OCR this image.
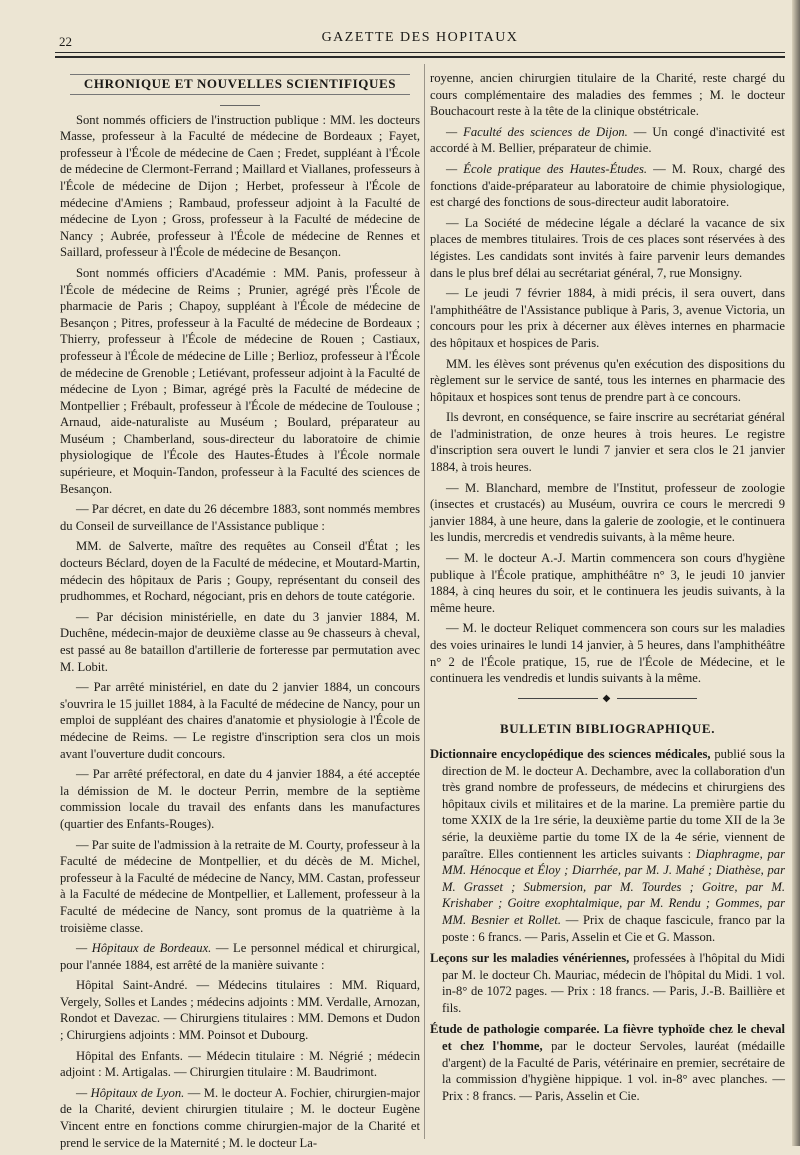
22	GAZETTE DES HOPITAUX
CHRONIQUE ET NOUVELLES SCIENTIFIQUES

Sont nommés officiers de l'instruction publique : MM. les docteurs Masse, professeur à la Faculté de médecine de Bordeaux ; Fayet, professeur à l'École de médecine de Caen ; Fredet, suppléant à l'École de médecine de Clermont-Ferrand ; Maillard et Viallanes, professeurs à l'École de médecine de Dijon ; Herbet, professeur à l'École de médecine d'Amiens ; Rambaud, professeur adjoint à la Faculté de médecine de Lyon ; Gross, professeur à la Faculté de médecine de Nancy ; Aubrée, professeur à l'École de médecine de Rennes et Saillard, professeur à l'École de médecine de Besançon.

Sont nommés officiers d'Académie : MM. Panis, professeur à l'École de médecine de Reims ; Prunier, agrégé près l'École de pharmacie de Paris ; Chapoy, suppléant à l'École de médecine de Besançon ; Pitres, professeur à la Faculté de médecine de Bordeaux ; Thierry, professeur à l'École de médecine de Rouen ; Castiaux, professeur à l'École de médecine de Lille ; Berlioz, professeur à l'École de médecine de Grenoble ; Letiévant, professeur adjoint à la Faculté de médecine de Lyon ; Bimar, agrégé près la Faculté de médecine de Montpellier ; Frébault, professeur à l'École de médecine de Toulouse ; Arnaud, aide-naturaliste au Muséum ; Boulard, préparateur au Muséum ; Chamberland, sous-directeur du laboratoire de chimie physiologique de l'École des Hautes-Études à l'École normale supérieure, et Moquin-Tandon, professeur à la Faculté des sciences de Besançon.

— Par décret, en date du 26 décembre 1883, sont nommés membres du Conseil de surveillance de l'Assistance publique :

MM. de Salverte, maître des requêtes au Conseil d'État ; les docteurs Béclard, doyen de la Faculté de médecine, et Moutard-Martin, médecin des hôpitaux de Paris ; Goupy, représentant du conseil des prudhommes, et Rochard, négociant, pris en dehors de toute catégorie.

— Par décision ministérielle, en date du 3 janvier 1884, M. Duchêne, médecin-major de deuxième classe au 9e chasseurs à cheval, est passé au 8e bataillon d'artillerie de forteresse par permutation avec M. Lobit.

— Par arrêté ministériel, en date du 2 janvier 1884, un concours s'ouvrira le 15 juillet 1884, à la Faculté de médecine de Nancy, pour un emploi de suppléant des chaires d'anatomie et physiologie à l'École de médecine de Reims. — Le registre d'inscription sera clos un mois avant l'ouverture dudit concours.

— Par arrêté préfectoral, en date du 4 janvier 1884, a été acceptée la démission de M. le docteur Perrin, membre de la septième commission locale du travail des enfants dans les manufactures (quartier des Enfants-Rouges).

— Par suite de l'admission à la retraite de M. Courty, professeur à la Faculté de médecine de Montpellier, et du décès de M. Michel, professeur à la Faculté de médecine de Nancy, MM. Castan, professeur à la Faculté de médecine de Montpellier, et Lallement, professeur à la Faculté de médecine de Nancy, sont promus de la quatrième à la troisième classe.

— Hôpitaux de Bordeaux. — Le personnel médical et chirurgical, pour l'année 1884, est arrêté de la manière suivante :

Hôpital Saint-André. — Médecins titulaires : MM. Riquard, Vergely, Solles et Landes ; médecins adjoints : MM. Verdalle, Arnozan, Rondot et Davezac. — Chirurgiens titulaires : MM. Demons et Dudon ; Chirurgiens adjoints : MM. Poinsot et Dubourg.

Hôpital des Enfants. — Médecin titulaire : M. Négrié ; médecin adjoint : M. Artigalas. — Chirurgien titulaire : M. Baudrimont.

— Hôpitaux de Lyon. — M. le docteur A. Fochier, chirurgien-major de la Charité, devient chirurgien titulaire ; M. le docteur Eugène Vincent entre en fonctions comme chirurgien-major de la Charité et prend le service de la Maternité ; M. le docteur La-

royenne, ancien chirurgien titulaire de la Charité, reste chargé du cours complémentaire des maladies des femmes ; M. le docteur Bouchacourt reste à la tête de la clinique obstétricale.

— Faculté des sciences de Dijon. — Un congé d'inactivité est accordé à M. Bellier, préparateur de chimie.

— École pratique des Hautes-Études. — M. Roux, chargé des fonctions d'aide-préparateur au laboratoire de chimie physiologique, est chargé des fonctions de sous-directeur audit laboratoire.

— La Société de médecine légale a déclaré la vacance de six places de membres titulaires. Trois de ces places sont réservées à des légistes. Les candidats sont invités à faire parvenir leurs demandes dans le plus bref délai au secrétariat général, 7, rue Monsigny.

— Le jeudi 7 février 1884, à midi précis, il sera ouvert, dans l'amphithéâtre de l'Assistance publique à Paris, 3, avenue Victoria, un concours pour les prix à décerner aux élèves internes en pharmacie des hôpitaux et hospices de Paris.

MM. les élèves sont prévenus qu'en exécution des dispositions du règlement sur le service de santé, tous les internes en pharmacie des hôpitaux et hospices sont tenus de prendre part à ce concours.

Ils devront, en conséquence, se faire inscrire au secrétariat général de l'administration, de onze heures à trois heures. Le registre d'inscription sera ouvert le lundi 7 janvier et sera clos le 21 janvier 1884, à trois heures.

— M. Blanchard, membre de l'Institut, professeur de zoologie (insectes et crustacés) au Muséum, ouvrira ce cours le mercredi 9 janvier 1884, à une heure, dans la galerie de zoologie, et le continuera les lundis, mercredis et vendredis suivants, à la même heure.

— M. le docteur A.-J. Martin commencera son cours d'hygiène publique à l'École pratique, amphithéâtre n° 3, le jeudi 10 janvier 1884, à cinq heures du soir, et le continuera les jeudis suivants, à la même heure.

— M. le docteur Reliquet commencera son cours sur les maladies des voies urinaires le lundi 14 janvier, à 5 heures, dans l'amphithéâtre n° 2 de l'École pratique, 15, rue de l'École de Médecine, et le continuera les vendredis et lundis suivants à la même.

◆
BULLETIN BIBLIOGRAPHIQUE.

Dictionnaire encyclopédique des sciences médicales, publié sous la direction de M. le docteur A. Dechambre, avec la collaboration d'un très grand nombre de professeurs, de médecins et chirurgiens des hôpitaux civils et militaires et de la marine. La première partie du tome XXIX de la 1re série, la deuxième partie du tome XII de la 3e série, la deuxième partie du tome IX de la 4e série, viennent de paraître. Elles contiennent les articles suivants : Diaphragme, par MM. Hénocque et Éloy ; Diarrhée, par M. J. Mahé ; Diathèse, par M. Grasset ; Submersion, par M. Tourdes ; Goitre, par M. Krishaber ; Goitre exophtalmique, par M. Rendu ; Gommes, par MM. Besnier et Rollet. — Prix de chaque fascicule, franco par la poste : 6 francs. — Paris, Asselin et Cie et G. Masson.

Leçons sur les maladies vénériennes, professées à l'hôpital du Midi par M. le docteur Ch. Mauriac, médecin de l'hôpital du Midi. 1 vol. in-8° de 1072 pages. — Prix : 18 francs. — Paris, J.-B. Baillière et fils.

Étude de pathologie comparée. La fièvre typhoïde chez le cheval et chez l'homme, par le docteur Servoles, lauréat (médaille d'argent) de la Faculté de Paris, vétérinaire en premier, secrétaire de la commission d'hygiène hippique. 1 vol. in-8° avec planches. — Prix : 8 francs. — Paris, Asselin et Cie.
